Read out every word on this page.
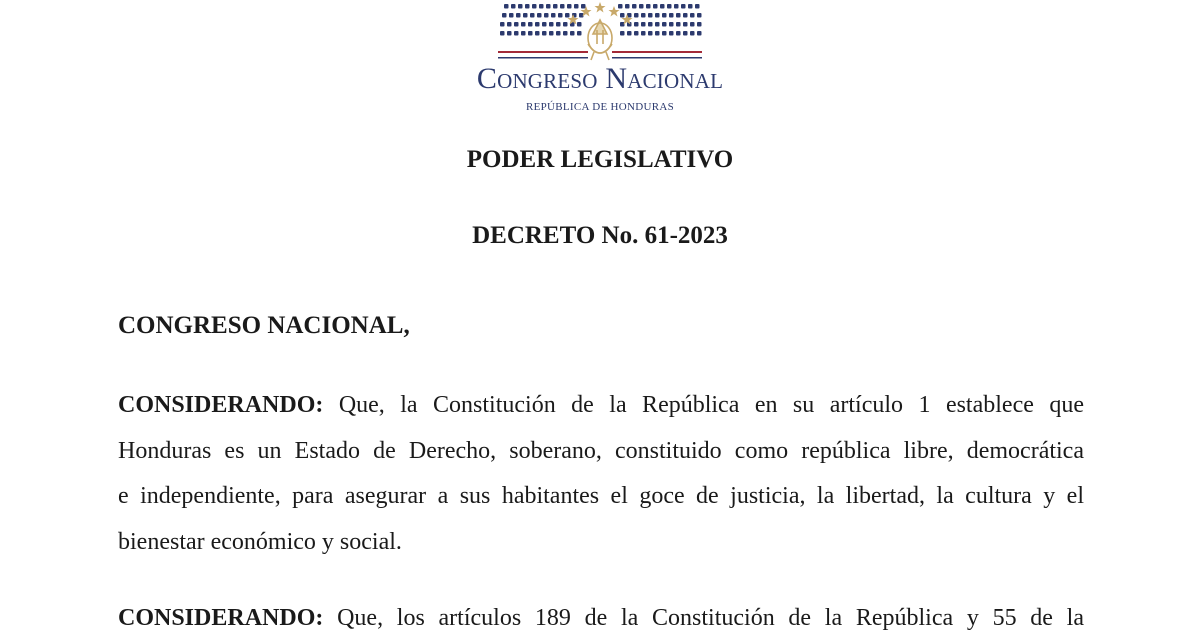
Congreso Nacional
REPÚBLICA DE HONDURAS
PODER LEGISLATIVO
DECRETO No. 61-2023
CONGRESO NACIONAL,
CONSIDERANDO: Que, la Constitución de la República en su artículo 1 establece que
Honduras es un Estado de Derecho, soberano, constituido como república libre, democrática
e independiente, para asegurar a sus habitantes el goce de justicia, la libertad, la cultura y el
bienestar económico y social.
CONSIDERANDO: Que, los artículos 189 de la Constitución de la República y 55 de la
